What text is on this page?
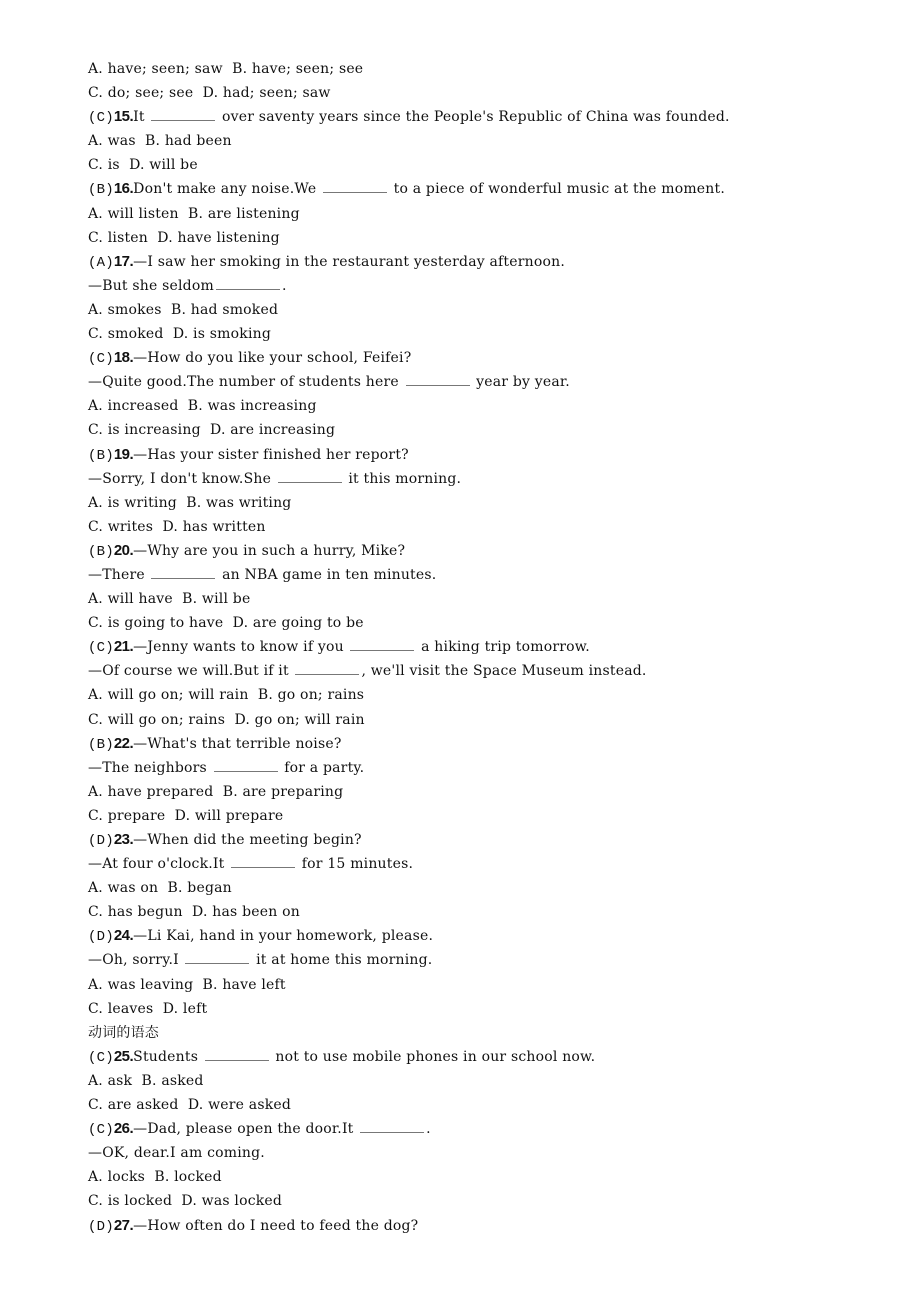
A. have; seen; saw  B. have; seen; see
C. do; see; see  D. had; seen; saw
(C)15.It	over saventy years since the People's Republic of China was founded.
A. was  B. had been
C. is  D. will be
(B)16.Don't make any noise.We	to a piece of wonderful music at the moment.
A. will listen  B. are listening
C. listen  D. have listening
(A)17.—I saw her smoking in the restaurant yesterday afternoon.
—But she seldom	.
A. smokes  B. had smoked
C. smoked  D. is smoking
(C)18.—How do you like your school, Feifei?
—Quite good.The number of students here	year by year.
A. increased  B. was increasing
C. is increasing  D. are increasing
(B)19.—Has your sister finished her report?
—Sorry, I don't know.She	it this morning.
A. is writing  B. was writing
C. writes  D. has written
(B)20.—Why are you in such a hurry, Mike?
—There	an NBA game in ten minutes.
A. will have  B. will be
C. is going to have  D. are going to be
(C)21.—Jenny wants to know if you	a hiking trip tomorrow.
—Of course we will.But if it	, we'll visit the Space Museum instead.
A. will go on; will rain  B. go on; rains
C. will go on; rains  D. go on; will rain
(B)22.—What's that terrible noise?
—The neighbors	for a party.
A. have prepared  B. are preparing
C. prepare  D. will prepare
(D)23.—When did the meeting begin?
—At four o'clock.It	for 15 minutes.
A. was on  B. began
C. has begun  D. has been on
(D)24.—Li Kai, hand in your homework, please.
—Oh, sorry.I	it at home this morning.
A. was leaving  B. have left
C. leaves  D. left
动词的语态
(C)25.Students	not to use mobile phones in our school now.
A. ask  B. asked
C. are asked  D. were asked
(C)26.—Dad, please open the door.It	.
—OK, dear.I am coming.
A. locks  B. locked
C. is locked  D. was locked
(D)27.—How often do I need to feed the dog?
